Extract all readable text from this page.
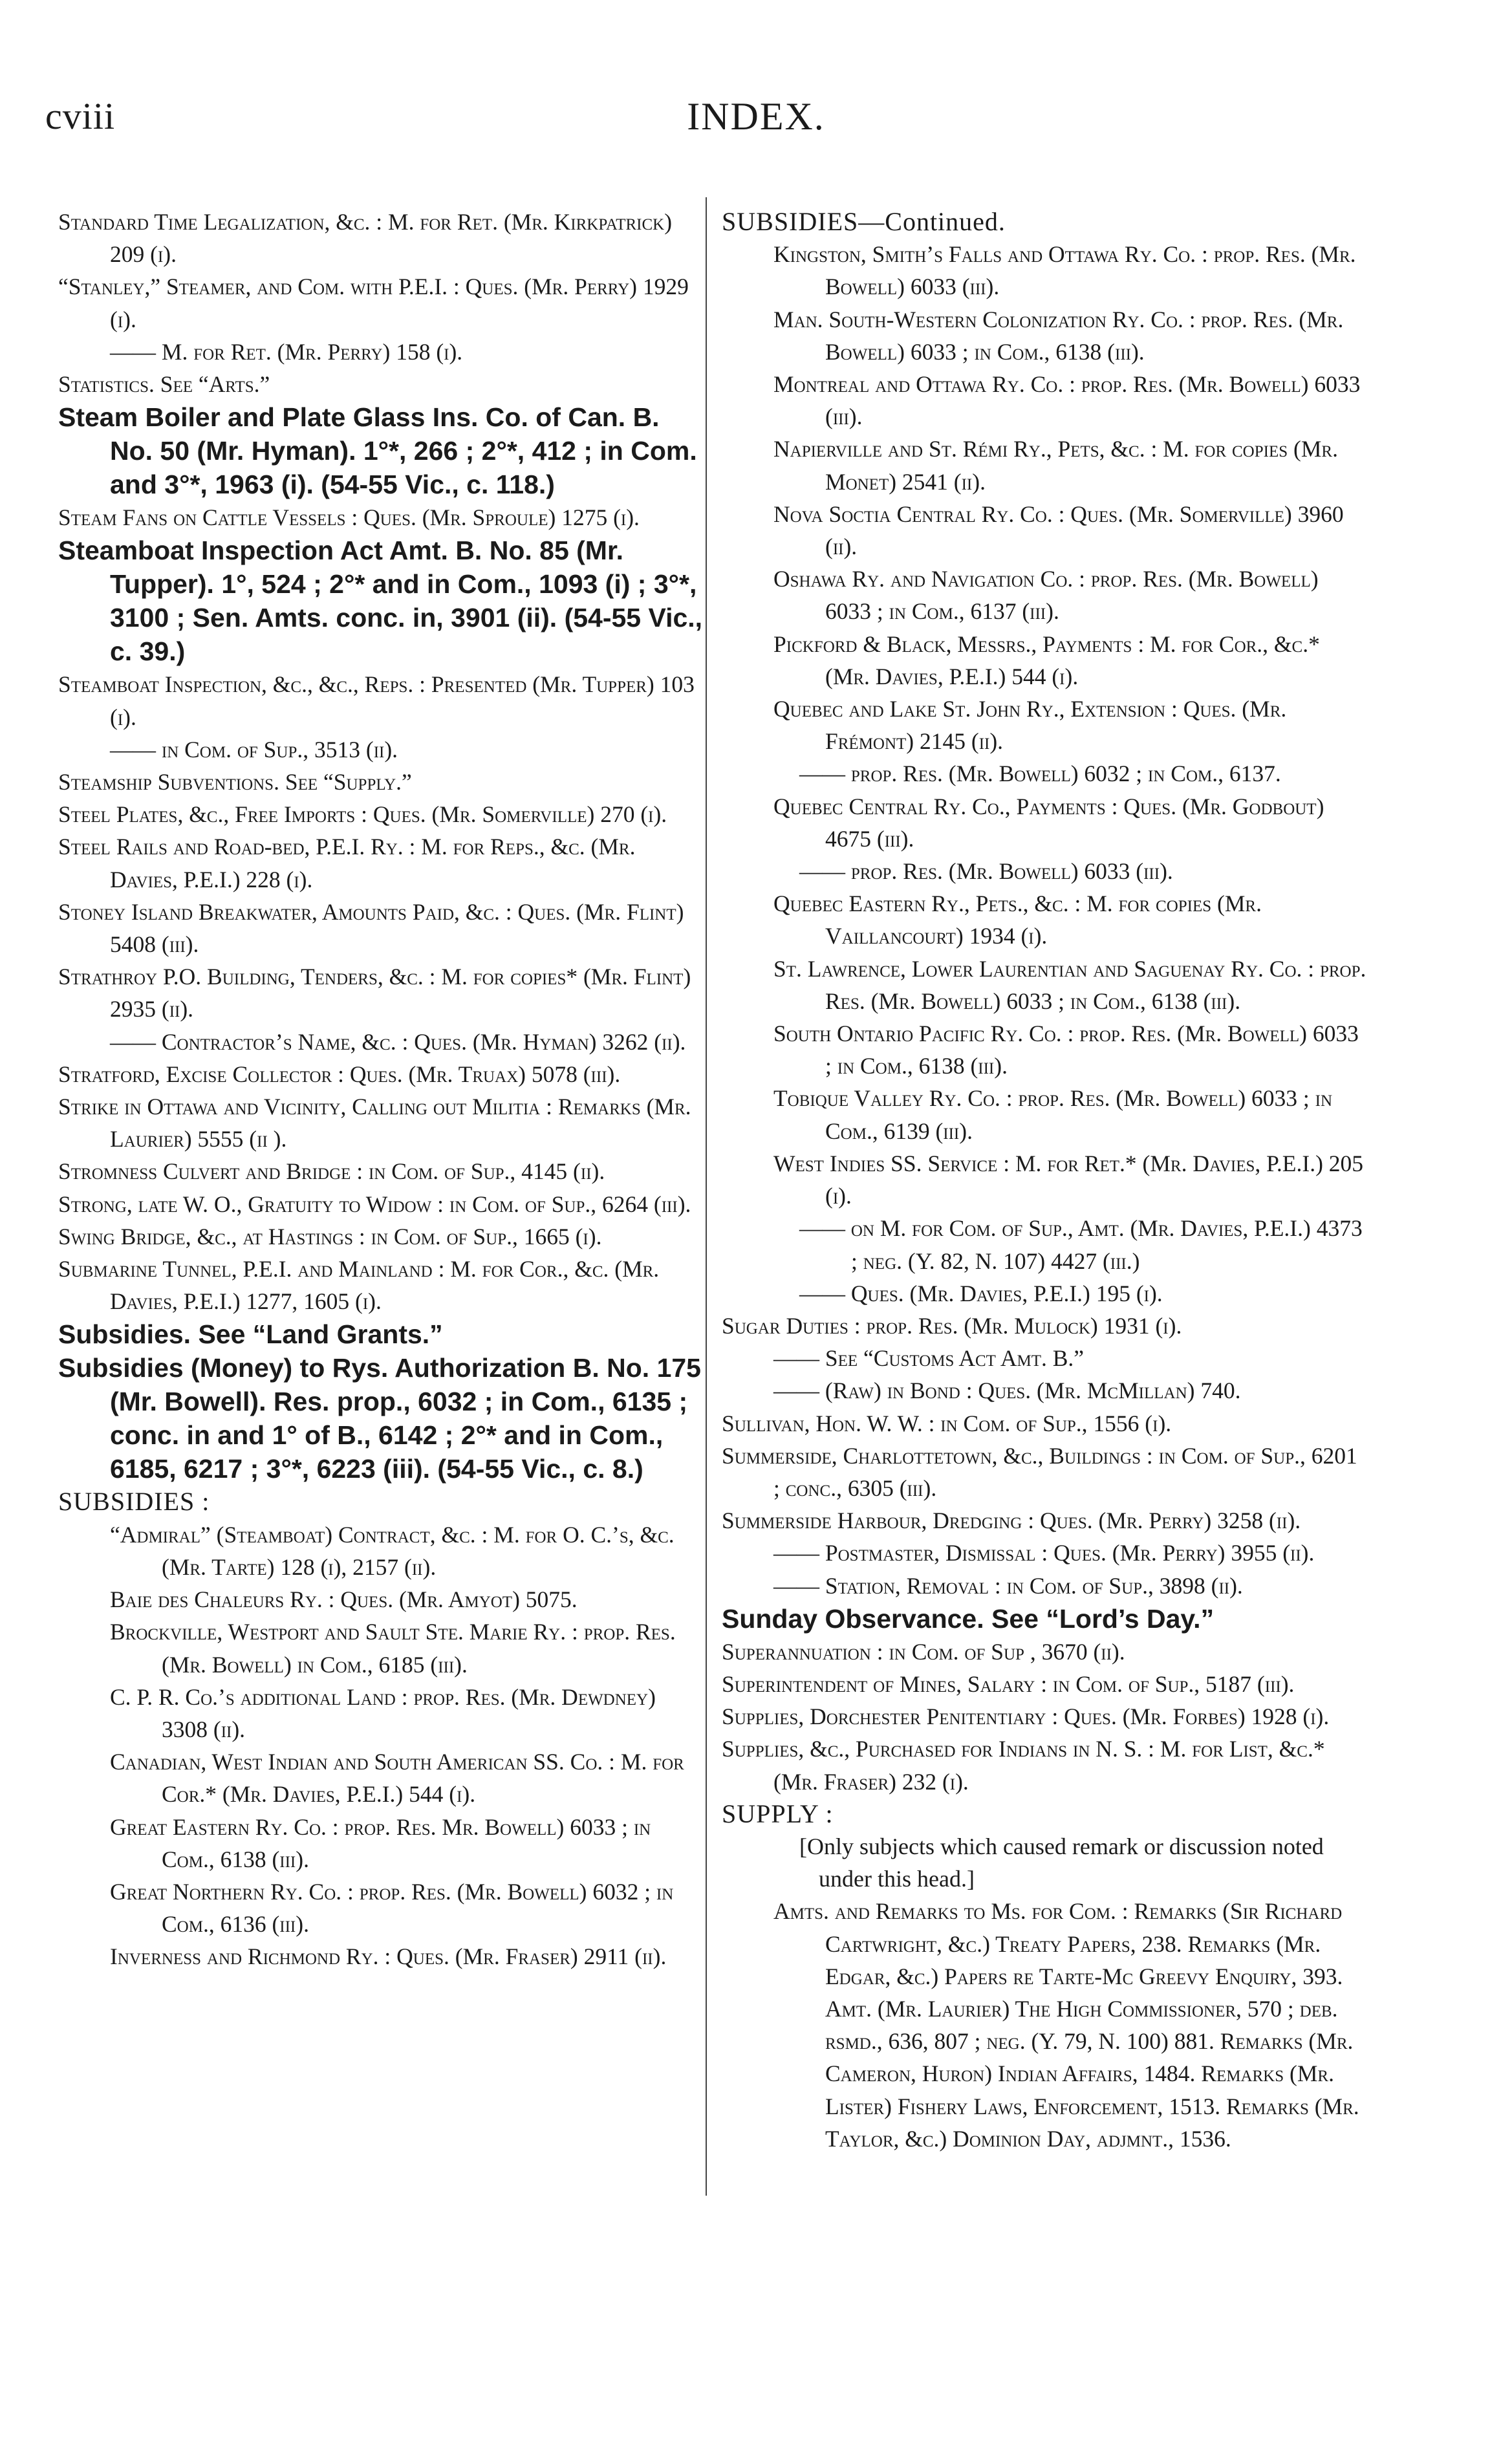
cviii	INDEX.

Standard Time Legalization, &c. : M. for Ret. (Mr. Kirkpatrick) 209 (i).

“Stanley,” Steamer, and Com. with P.E.I. : Ques. (Mr. Perry) 1929 (i).

—— M. for Ret. (Mr. Perry) 158 (i).

Statistics. See “Arts.”

Steam Boiler and Plate Glass Ins. Co. of Can. B. No. 50 (Mr. Hyman). 1°*, 266 ; 2°*, 412 ; in Com. and 3°*, 1963 (i). (54-55 Vic., c. 118.)

Steam Fans on Cattle Vessels : Ques. (Mr. Sproule) 1275 (i).

Steamboat Inspection Act Amt. B. No. 85 (Mr. Tupper). 1°, 524 ; 2°* and in Com., 1093 (i) ; 3°*, 3100 ; Sen. Amts. conc. in, 3901 (ii). (54-55 Vic., c. 39.)

Steamboat Inspection, &c., &c., Reps. : Presented (Mr. Tupper) 103 (i).

—— in Com. of Sup., 3513 (ii).

Steamship Subventions. See “Supply.”

Steel Plates, &c., Free Imports : Ques. (Mr. Somerville) 270 (i).

Steel Rails and Road-bed, P.E.I. Ry. : M. for Reps., &c. (Mr. Davies, P.E.I.) 228 (i).

Stoney Island Breakwater, Amounts Paid, &c. : Ques. (Mr. Flint) 5408 (iii).

Strathroy P.O. Building, Tenders, &c. : M. for copies* (Mr. Flint) 2935 (ii).

—— Contractor’s Name, &c. : Ques. (Mr. Hyman) 3262 (ii).

Stratford, Excise Collector : Ques. (Mr. Truax) 5078 (iii).

Strike in Ottawa and Vicinity, Calling out Militia : Remarks (Mr. Laurier) 5555 (ii ).

Stromness Culvert and Bridge : in Com. of Sup., 4145 (ii).

Strong, late W. O., Gratuity to Widow : in Com. of Sup., 6264 (iii).

Swing Bridge, &c., at Hastings : in Com. of Sup., 1665 (i).

Submarine Tunnel, P.E.I. and Mainland : M. for Cor., &c. (Mr. Davies, P.E.I.) 1277, 1605 (i).

Subsidies. See “Land Grants.”

Subsidies (Money) to Rys. Authorization B. No. 175 (Mr. Bowell). Res. prop., 6032 ; in Com., 6135 ; conc. in and 1° of B., 6142 ; 2°* and in Com., 6185, 6217 ; 3°*, 6223 (iii). (54-55 Vic., c. 8.)

SUBSIDIES :

“Admiral” (Steamboat) Contract, &c. : M. for O. C.’s, &c. (Mr. Tarte) 128 (i), 2157 (ii).

Baie des Chaleurs Ry. : Ques. (Mr. Amyot) 5075.

Brockville, Westport and Sault Ste. Marie Ry. : prop. Res. (Mr. Bowell) in Com., 6185 (iii).

C. P. R. Co.’s additional Land : prop. Res. (Mr. Dewdney) 3308 (ii).

Canadian, West Indian and South American SS. Co. : M. for Cor.* (Mr. Davies, P.E.I.) 544 (i).

Great Eastern Ry. Co. : prop. Res. Mr. Bowell) 6033 ; in Com., 6138 (iii).

Great Northern Ry. Co. : prop. Res. (Mr. Bowell) 6032 ; in Com., 6136 (iii).

Inverness and Richmond Ry. : Ques. (Mr. Fraser) 2911 (ii).

SUBSIDIES—Continued.

Kingston, Smith’s Falls and Ottawa Ry. Co. : prop. Res. (Mr. Bowell) 6033 (iii).

Man. South-Western Colonization Ry. Co. : prop. Res. (Mr. Bowell) 6033 ; in Com., 6138 (iii).

Montreal and Ottawa Ry. Co. : prop. Res. (Mr. Bowell) 6033 (iii).

Napierville and St. Rémi Ry., Pets, &c. : M. for copies (Mr. Monet) 2541 (ii).

Nova Soctia Central Ry. Co. : Ques. (Mr. Somerville) 3960 (ii).

Oshawa Ry. and Navigation Co. : prop. Res. (Mr. Bowell) 6033 ; in Com., 6137 (iii).

Pickford & Black, Messrs., Payments : M. for Cor., &c.* (Mr. Davies, P.E.I.) 544 (i).

Quebec and Lake St. John Ry., Extension : Ques. (Mr. Frémont) 2145 (ii).

—— prop. Res. (Mr. Bowell) 6032 ; in Com., 6137.

Quebec Central Ry. Co., Payments : Ques. (Mr. Godbout) 4675 (iii).

—— prop. Res. (Mr. Bowell) 6033 (iii).

Quebec Eastern Ry., Pets., &c. : M. for copies (Mr. Vaillancourt) 1934 (i).

St. Lawrence, Lower Laurentian and Saguenay Ry. Co. : prop. Res. (Mr. Bowell) 6033 ; in Com., 6138 (iii).

South Ontario Pacific Ry. Co. : prop. Res. (Mr. Bowell) 6033 ; in Com., 6138 (iii).

Tobique Valley Ry. Co. : prop. Res. (Mr. Bowell) 6033 ; in Com., 6139 (iii).

West Indies SS. Service : M. for Ret.* (Mr. Davies, P.E.I.) 205 (i).

—— on M. for Com. of Sup., Amt. (Mr. Davies, P.E.I.) 4373 ; neg. (Y. 82, N. 107) 4427 (iii.)

—— Ques. (Mr. Davies, P.E.I.) 195 (i).

Sugar Duties : prop. Res. (Mr. Mulock) 1931 (i).

—— See “Customs Act Amt. B.”

—— (Raw) in Bond : Ques. (Mr. McMillan) 740.

Sullivan, Hon. W. W. : in Com. of Sup., 1556 (i).

Summerside, Charlottetown, &c., Buildings : in Com. of Sup., 6201 ; conc., 6305 (iii).

Summerside Harbour, Dredging : Ques. (Mr. Perry) 3258 (ii).

—— Postmaster, Dismissal : Ques. (Mr. Perry) 3955 (ii).

—— Station, Removal : in Com. of Sup., 3898 (ii).

Sunday Observance. See “Lord’s Day.”

Superannuation : in Com. of Sup , 3670 (ii).

Superintendent of Mines, Salary : in Com. of Sup., 5187 (iii).

Supplies, Dorchester Penitentiary : Ques. (Mr. Forbes) 1928 (i).

Supplies, &c., Purchased for Indians in N. S. : M. for List, &c.* (Mr. Fraser) 232 (i).

SUPPLY :

[Only subjects which caused remark or discussion noted under this head.]

Amts. and Remarks to Ms. for Com. : Remarks (Sir Richard Cartwright, &c.) Treaty Papers, 238. Remarks (Mr. Edgar, &c.) Papers re Tarte-Mc Greevy Enquiry, 393. Amt. (Mr. Laurier) The High Commissioner, 570 ; deb. rsmd., 636, 807 ; neg. (Y. 79, N. 100) 881. Remarks (Mr. Cameron, Huron) Indian Affairs, 1484. Remarks (Mr. Lister) Fishery Laws, Enforcement, 1513. Remarks (Mr. Taylor, &c.) Dominion Day, adjmnt., 1536.
